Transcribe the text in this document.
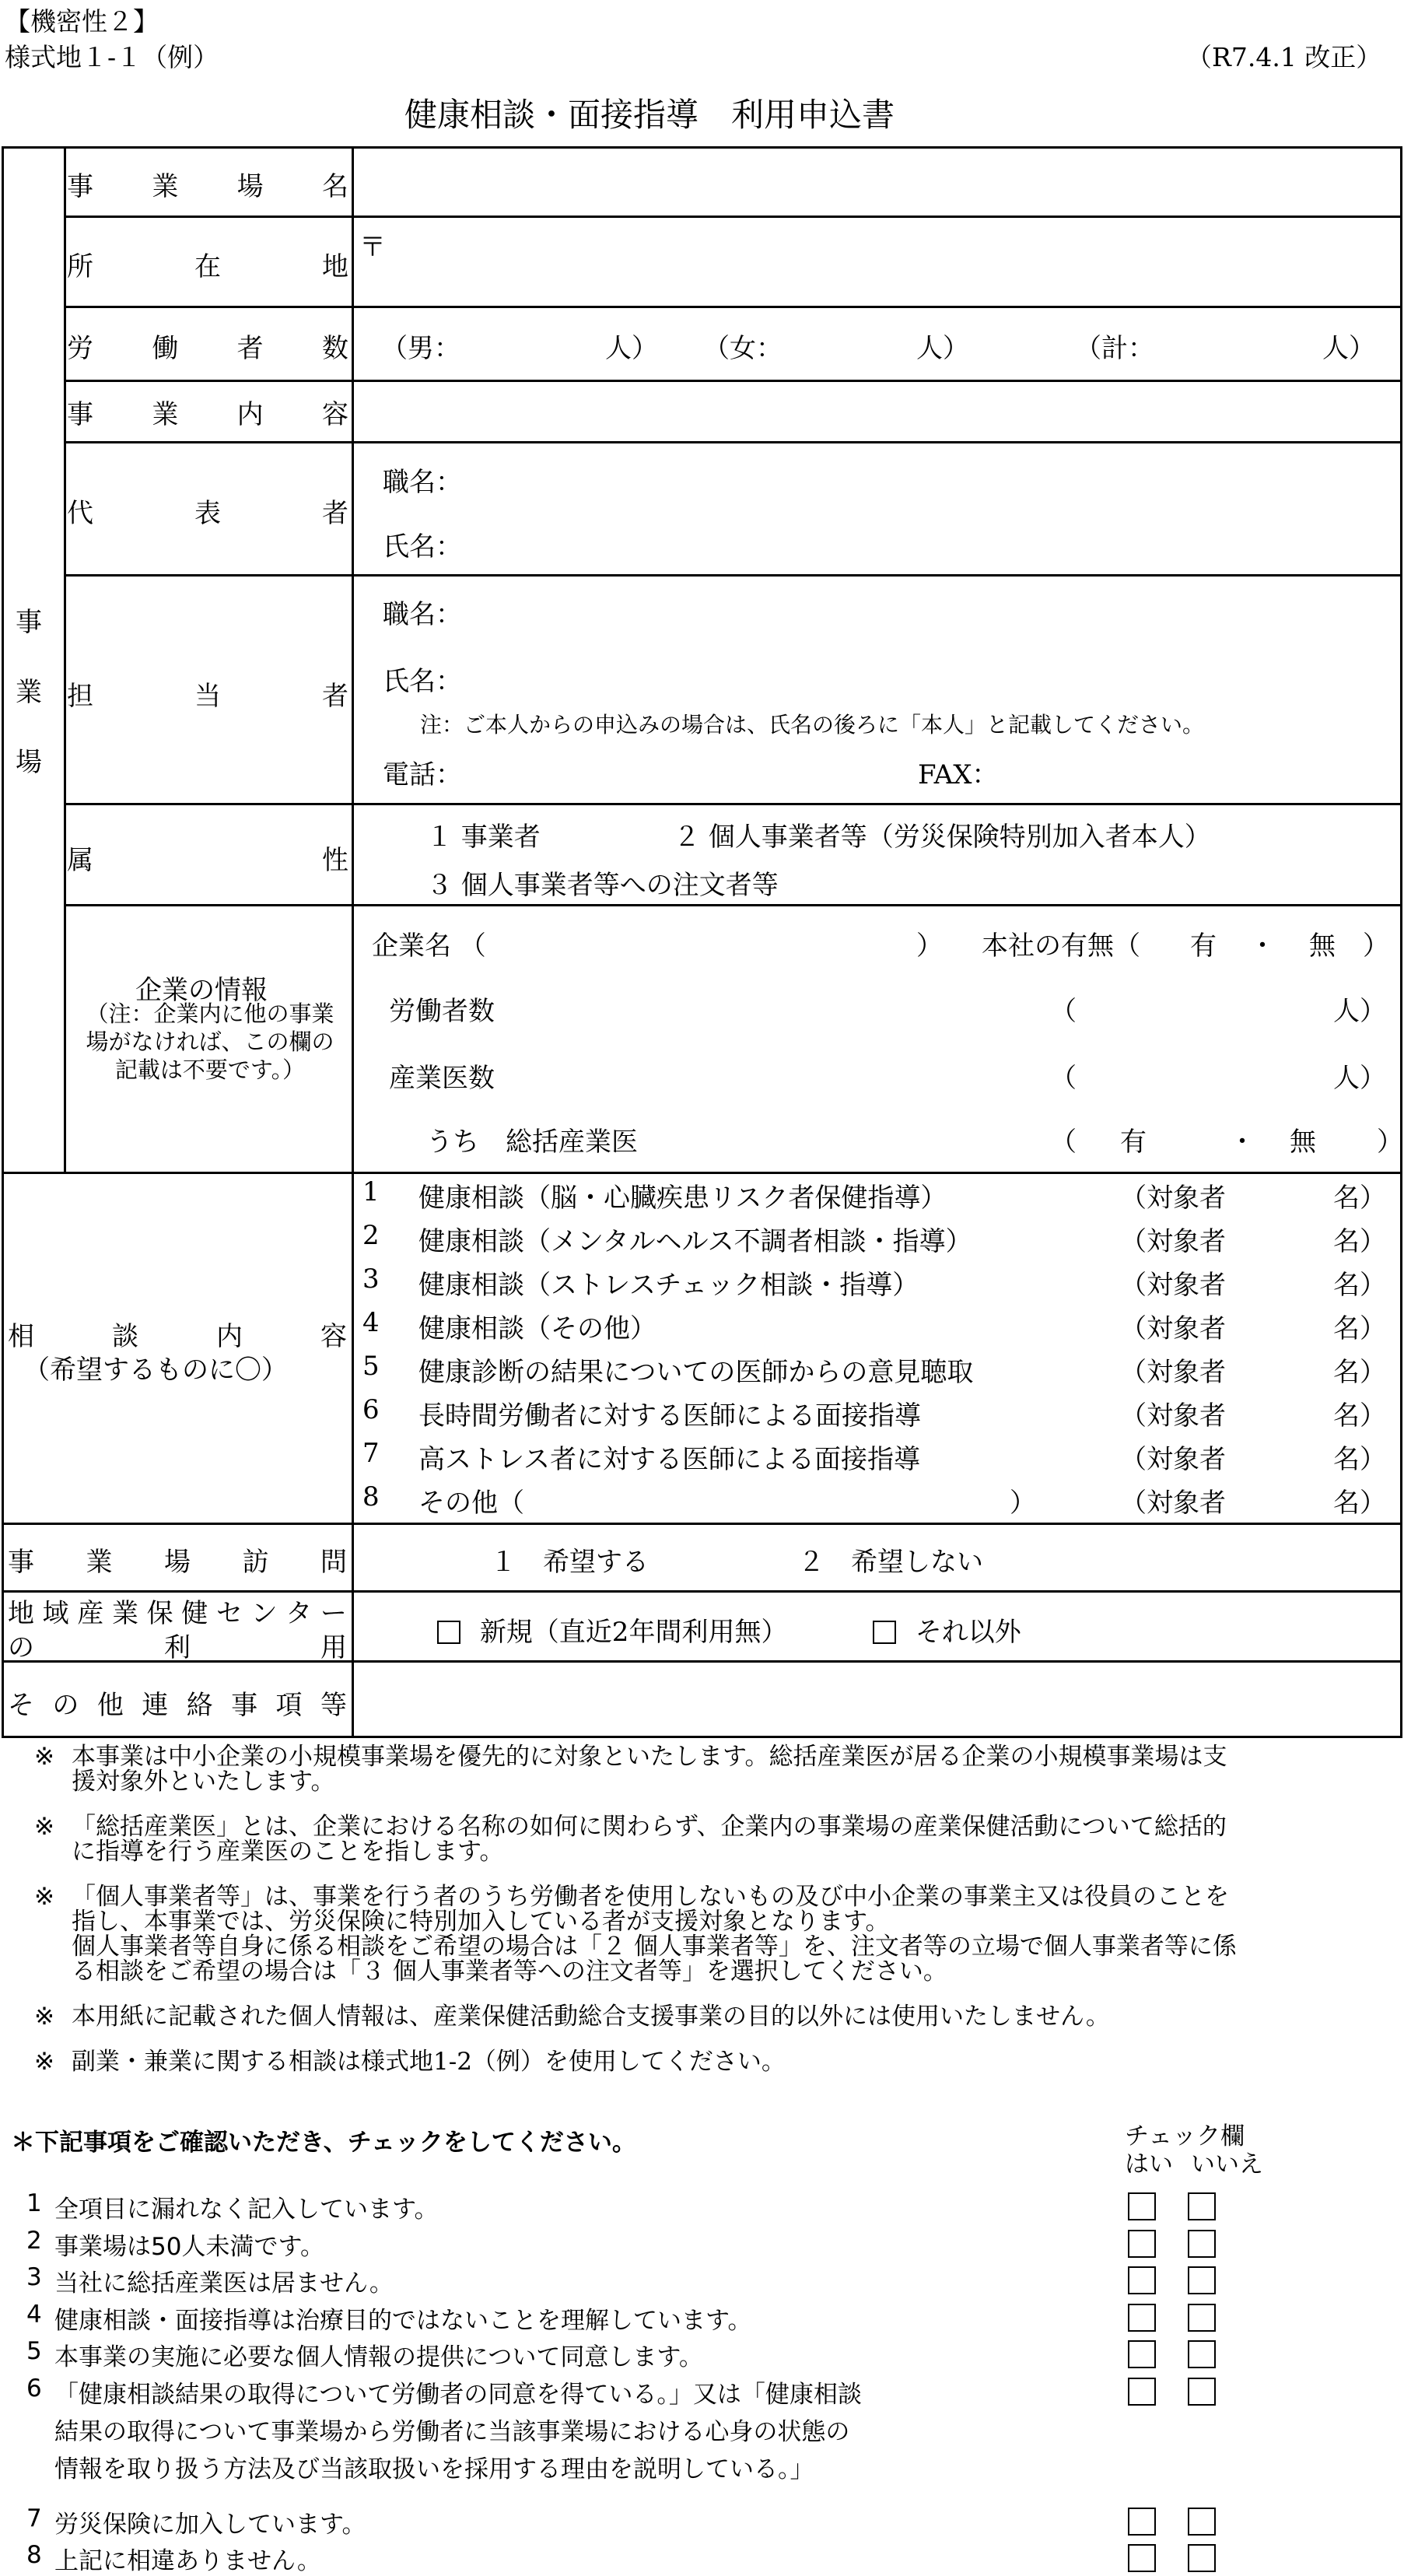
【機密性２】
様式地１-１（例）	（R7.4.1 改正）
健康相談・面接指導　利用申込書
事
業
場
事 業 場 名
所	在	地
〒
労 働 者 数 （男：	人） （女：	人）	（計：	人）
事 業 内 容
代	表	者
職名：
氏名：
担	当	者
職名：
氏名：
注：ご本人からの申込みの場合は、氏名の後ろに「本人」と記載してください。
電話：	FAX：
属	性
１ 事業者	２ 個人事業者等（労災保険特別加入者本人）
３ 個人事業者等への注文者等
企業の情報
（注：企業内に他の事業場がなければ、この欄の記載は不要です。）
企業名 （	） 本社の有無（ 有 ・ 無 ）
労働者数	（	人）
産業医数	（	人）
うち　総括産業医	（ 有	・ 無 ）
相	談	内	容
（希望するものに〇）
1 健康相談（脳・心臓疾患リスク者保健指導）	（対象者	名）
2 健康相談（メンタルヘルス不調者相談・指導）	（対象者	名）
3 健康相談（ストレスチェック相談・指導）	（対象者	名）
4 健康相談（その他）	（対象者	名）
5 健康診断の結果についての医師からの意見聴取	（対象者	名）
6 長時間労働者に対する医師による面接指導	（対象者	名）
7 高ストレス者に対する医師による面接指導	（対象者	名）
8 その他（	）	（対象者	名）
事 業 場 訪 問	１　希望する	２　希望しない
地 域 産 業 保 健 セ ン タ ー
の	利	用	新規（直近2年間利用無）	それ以外
そ の 他 連 絡 事 項 等
※ 本事業は中小企業の小規模事業場を優先的に対象といたします。総括産業医が居る企業の小規模事業場は支
援対象外といたします。
※ 「総括産業医」とは、企業における名称の如何に関わらず、企業内の事業場の産業保健活動について総括的
に指導を行う産業医のことを指します。
※ 「個人事業者等」は、事業を行う者のうち労働者を使用しないもの及び中小企業の事業主又は役員のことを
指し、本事業では、労災保険に特別加入している者が支援対象となります。
個人事業者等自身に係る相談をご希望の場合は「２ 個人事業者等」を、注文者等の立場で個人事業者等に係
る相談をご希望の場合は「３ 個人事業者等への注文者等」を選択してください。
※ 本用紙に記載された個人情報は、産業保健活動総合支援事業の目的以外には使用いたしません。
※ 副業・兼業に関する相談は様式地1-2（例）を使用してください。
＊下記事項をご確認いただき、チェックをしてください。	チェック欄
はい いいえ
1 全項目に漏れなく記入しています。
2 事業場は50人未満です。
3 当社に総括産業医は居ません。
4 健康相談・面接指導は治療目的ではないことを理解しています。
5 本事業の実施に必要な個人情報の提供について同意します。
6 「健康相談結果の取得について労働者の同意を得ている。」又は「健康相談
結果の取得について事業場から労働者に当該事業場における心身の状態の
情報を取り扱う方法及び当該取扱いを採用する理由を説明している。」
7 労災保険に加入しています。
8 上記に相違ありません。
